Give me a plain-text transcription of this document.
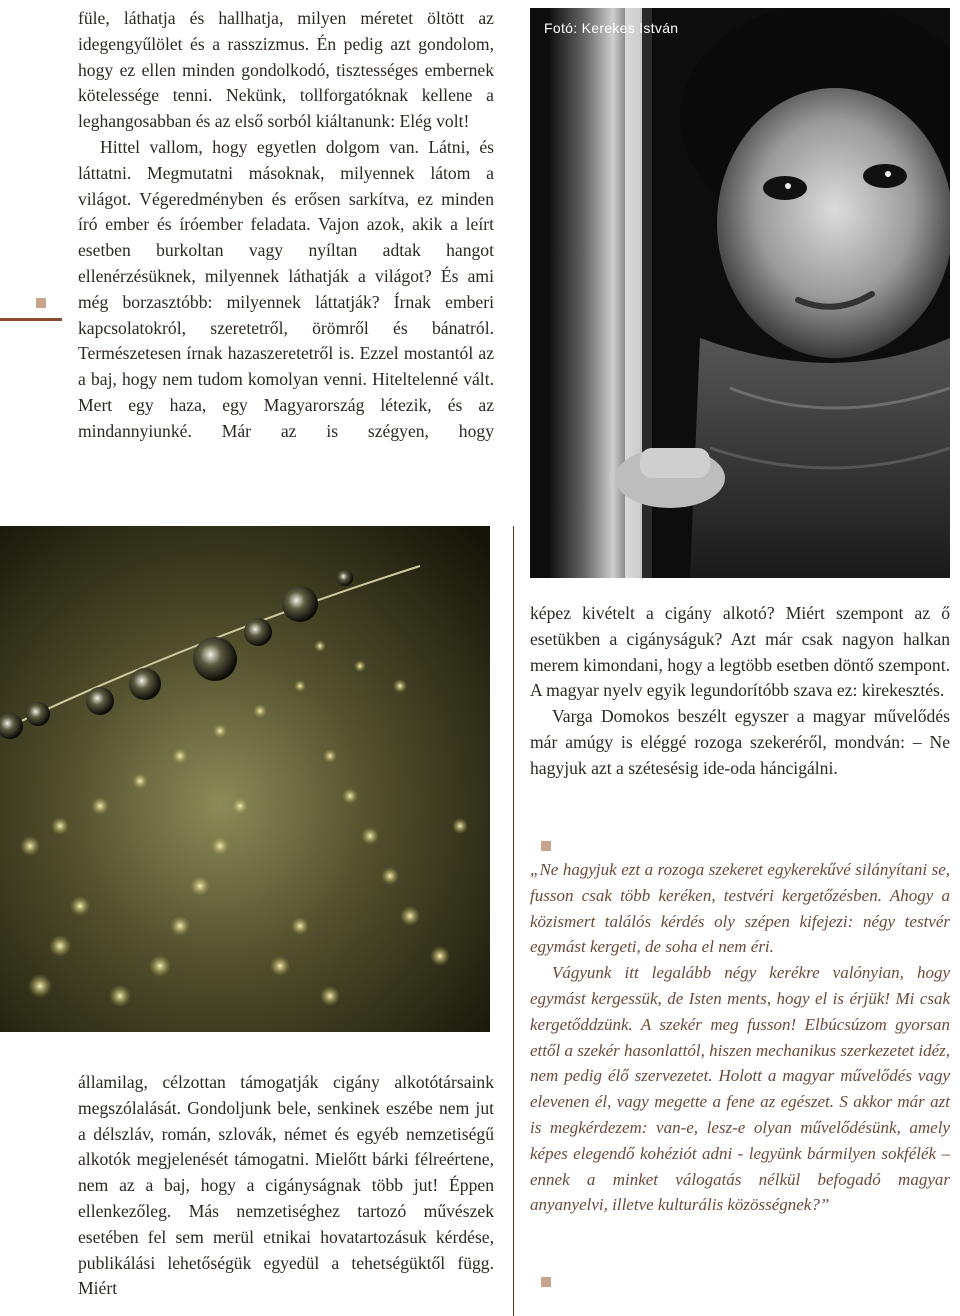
füle, láthatja és hallhatja, milyen méretet öltött az idegengyűlölet és a rasszizmus. Én pedig azt gondolom, hogy ez ellen minden gondolkodó, tisztességes embernek kötelessége tenni. Nekünk, tollforgatóknak kellene a leghangosabban és az első sorból kiáltanunk: Elég volt!

Hittel vallom, hogy egyetlen dolgom van. Látni, és láttatni. Megmutatni másoknak, milyennek látom a világot. Végeredményben és erősen sarkítva, ez minden író ember és íróember feladata. Vajon azok, akik a leírt esetben burkoltan vagy nyíltan adtak hangot ellenérzésüknek, milyennek láthatják a világot? És ami még borzasztóbb: milyennek láttatják? Írnak emberi kapcsolatokról, szeretetről, örömről és bánatról. Természetesen írnak hazaszeretetről is. Ezzel mostantól az a baj, hogy nem tudom komolyan venni. Hiteltelenné vált. Mert egy haza, egy Magyarország létezik, és az mindannyiunké. Már az is szégyen, hogy

Fotó: Kerekes István

államilag, célzottan támogatják cigány alkotótársaink megszólalását. Gondoljunk bele, senkinek eszébe nem jut a délszláv, román, szlovák, német és egyéb nemzetiségű alkotók megjelenését támogatni. Mielőtt bárki félreértene, nem az a baj, hogy a cigányságnak több jut! Éppen ellenkezőleg. Más nemzetiséghez tartozó művészek esetében fel sem merül etnikai hovatartozásuk kérdése, publikálási lehetőségük egyedül a tehetségüktől függ. Miért

képez kivételt a cigány alkotó? Miért szempont az ő esetükben a cigányságuk? Azt már csak nagyon halkan merem kimondani, hogy a legtöbb esetben döntő szempont. A magyar nyelv egyik legundorítóbb szava ez: kirekesztés.

Varga Domokos beszélt egyszer a magyar művelődés már amúgy is eléggé rozoga szekeréről, mondván: – Ne hagyjuk azt a szétesésig ide-oda háncigálni.

„Ne hagyjuk ezt a rozoga szekeret egykerekűvé silányítani se, fusson csak több keréken, testvéri kergetőzésben. Ahogy a közismert találós kérdés oly szépen kifejezi: négy testvér egymást kergeti, de soha el nem éri.

Vágyunk itt legalább négy kerékre valónyian, hogy egymást kergessük, de Isten ments, hogy el is érjük! Mi csak kergetőddzünk. A szekér meg fusson! Elbúcsúzom gyorsan ettől a szekér hasonlattól, hiszen mechanikus szerkezetet idéz, nem pedig élő szervezetet. Holott a magyar művelődés vagy elevenen él, vagy megette a fene az egészet. S akkor már azt is megkérdezem: van-e, lesz-e olyan művelődésünk, amely képes elegendő kohéziót adni - legyünk bármilyen sokfélék – ennek a minket válogatás nélkül befogadó magyar anyanyelvi, illetve kulturális közösségnek?”
